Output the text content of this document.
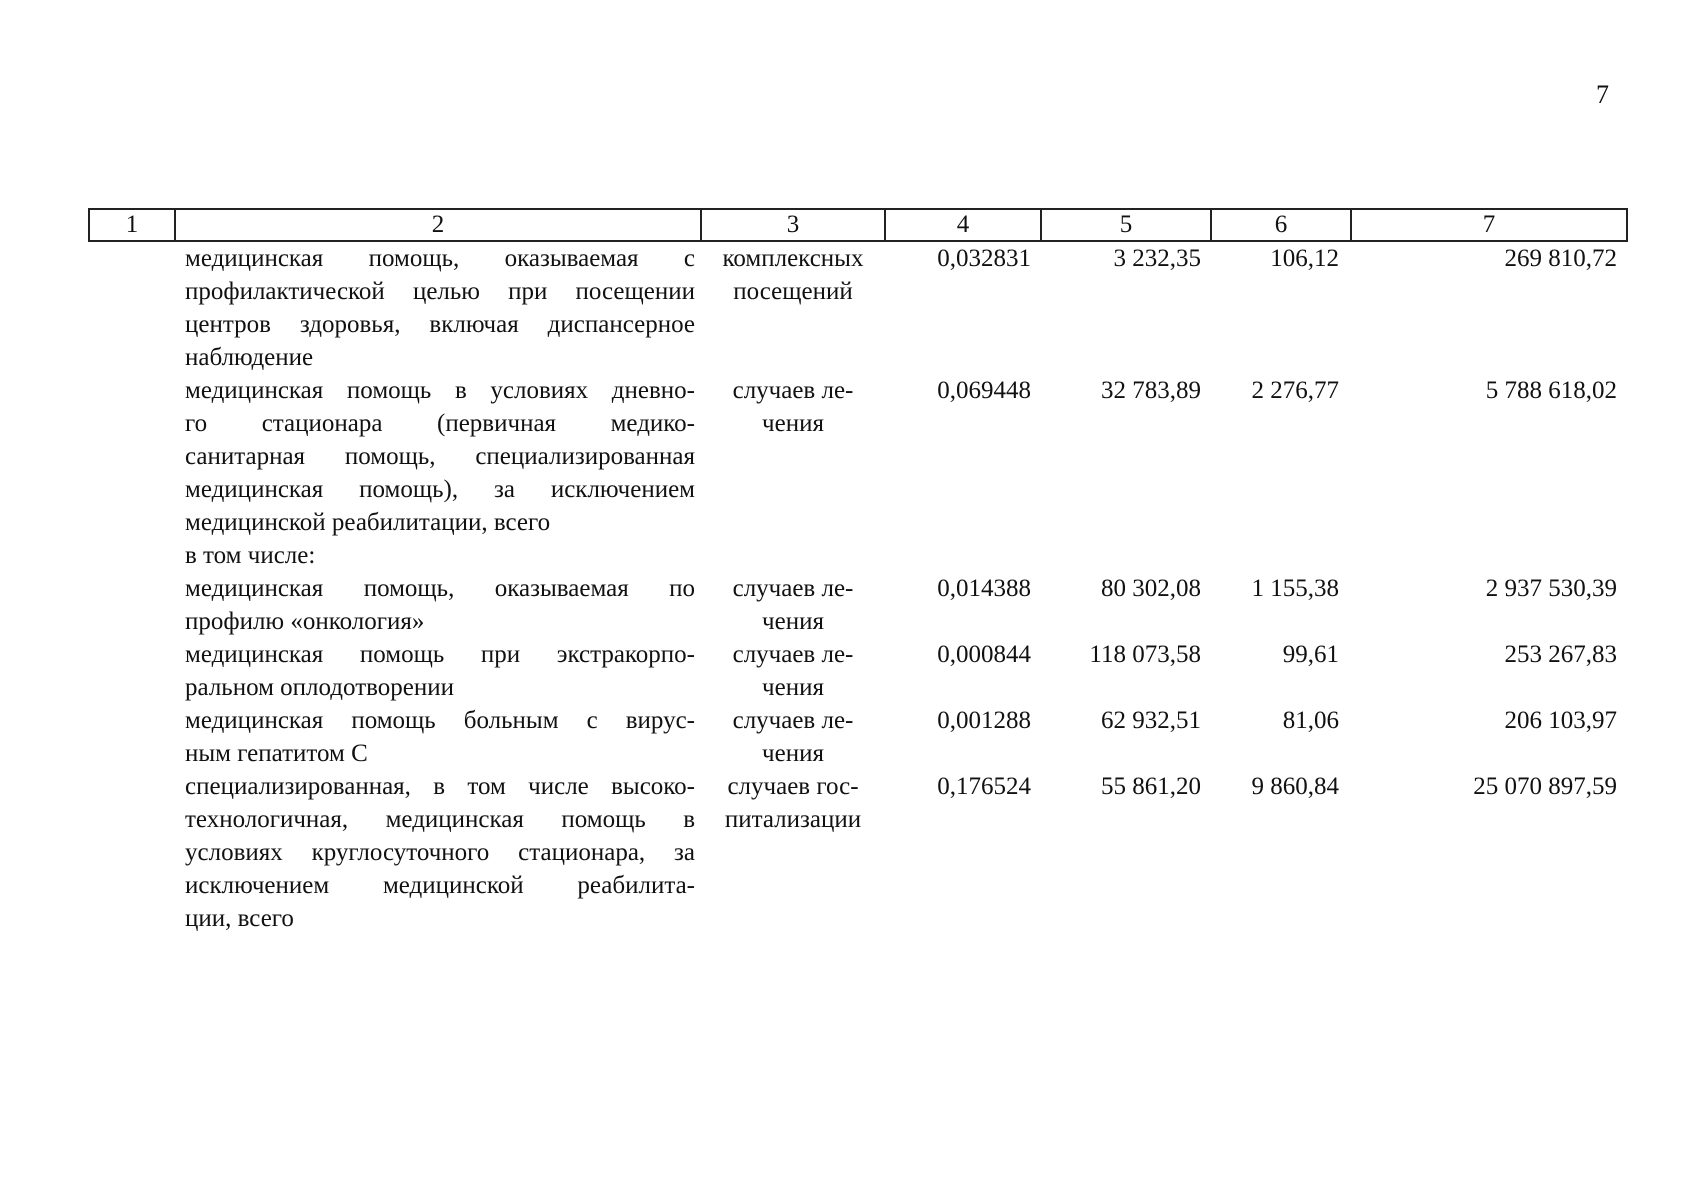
7
1	2	3	4	5	6	7

	медицинская помощь, оказываемая с
профилактической целью при посещении
центров здоровья, включая диспансерное
наблюдение	комплексных
посещений	0,032831	3 232,35	106,12	269 810,72

	медицинская помощь в условиях дневно-
го стационара (первичная медико-
санитарная помощь, специализированная
медицинская помощь), за исключением
медицинской реабилитации, всего	случаев ле-
чения	0,069448	32 783,89	2 276,77	5 788 618,02

	в том числе:					

	медицинская помощь, оказываемая по
профилю «онкология»	случаев ле-
чения	0,014388	80 302,08	1 155,38	2 937 530,39

	медицинская помощь при экстракорпо-
ральном оплодотворении	случаев ле-
чения	0,000844	118 073,58	99,61	253 267,83

	медицинская помощь больным с вирус-
ным гепатитом С	случаев ле-
чения	0,001288	62 932,51	81,06	206 103,97

	специализированная, в том числе высоко-
технологичная, медицинская помощь в
условиях круглосуточного стационара, за
исключением медицинской реабилита-
ции, всего	случаев гос-
питализации	0,176524	55 861,20	9 860,84	25 070 897,59
